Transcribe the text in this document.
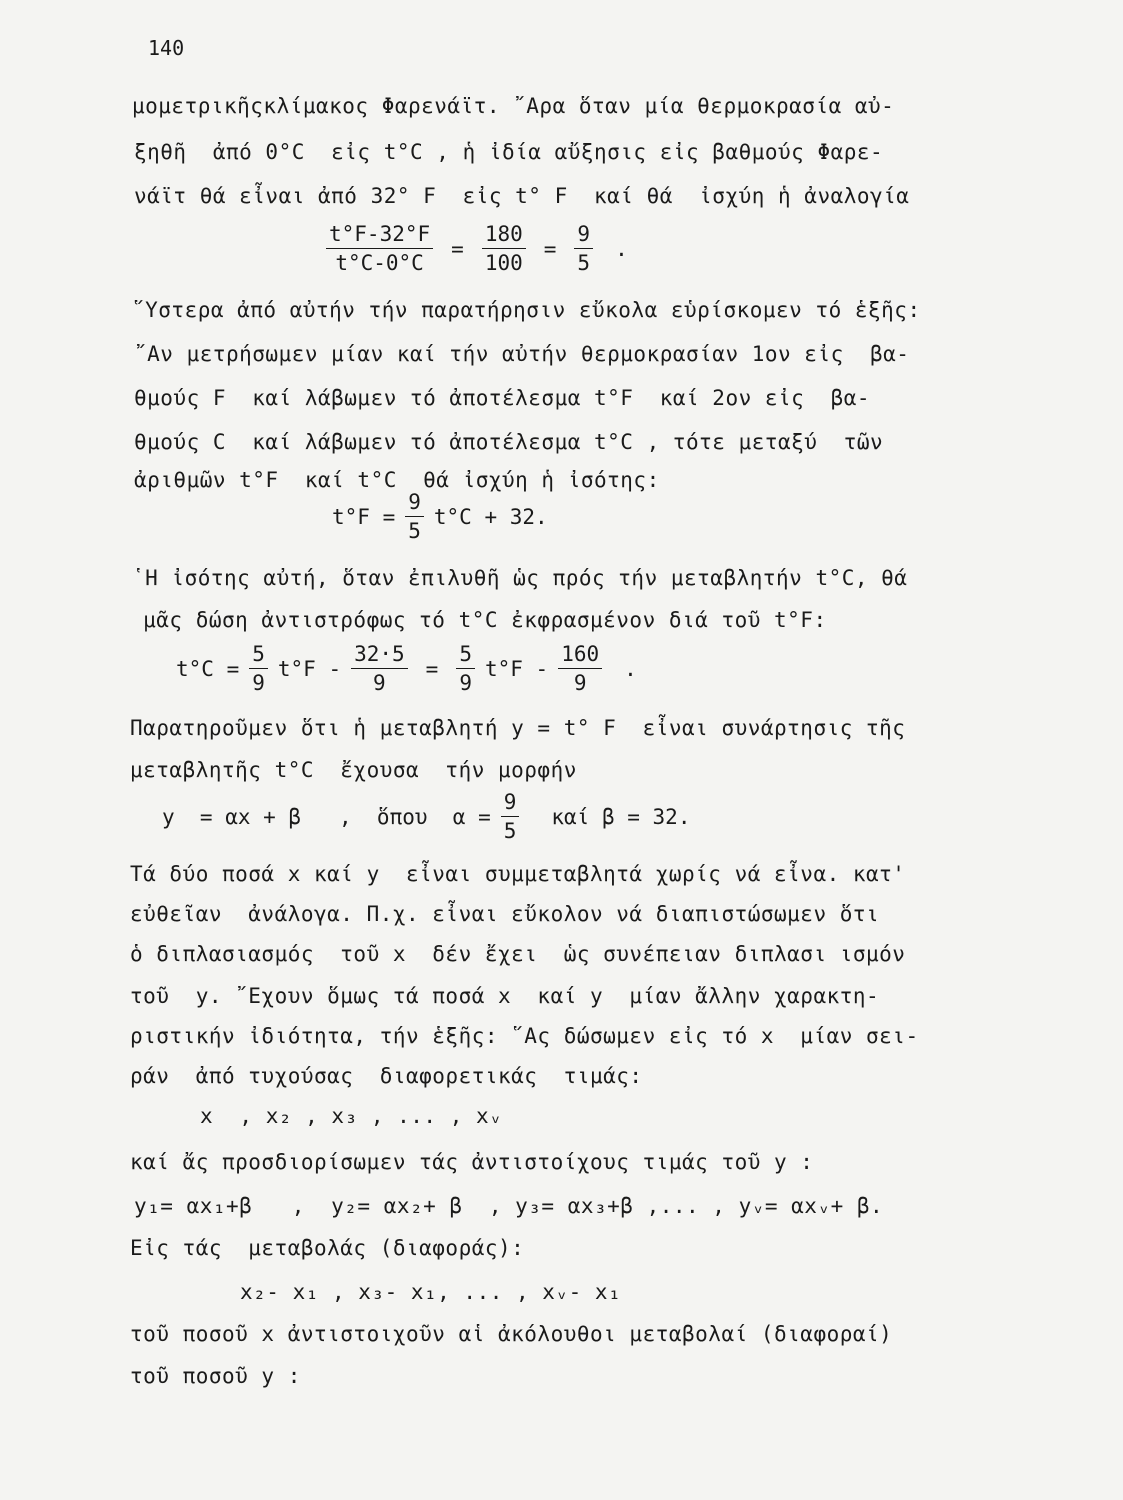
140
μομετρικῆςκλίμακος Φαρενάϊτ. ῎Αρα ὅταν μία θερμοκρασία αὐ-
ξηθῆ  ἀπό 0°C  εἰς t°C , ἡ ἰδία αὔξησις εἰς βαθμούς Φαρε-
νάϊτ θά εἶναι ἀπό 32° F  εἰς t° F  καί θά  ἰσχύη ἡ ἀναλογία
$\frac{t^\circ F-32^\circ F}{t^\circ C-0^\circ C} = \frac{180}{100} = \frac{9}{5}$ .
῞Υστερα ἀπό αὐτήν τήν παρατήρησιν εὔκολα εὑρίσκομεν τό ἑξῆς:
῎Αν μετρήσωμεν μίαν καί τήν αὐτήν θερμοκρασίαν 1ον εἰς  βα-
θμούς F  καί λάβωμεν τό ἀποτέλεσμα t°F  καί 2ον εἰς  βα-
θμούς C  καί λάβωμεν τό ἀποτέλεσμα t°C , τότε μεταξύ  τῶν
ἀριθμῶν t°F  καί t°C  θά ἰσχύη ἡ ἰσότης:
$t^\circ F = \frac{9}{5} t^\circ C + 32$.
῾Η ἰσότης αὐτή, ὅταν ἐπιλυθῆ ὡς πρός τήν μεταβλητήν t°C, θά
μᾶς δώση ἀντιστρόφως τό t°C ἐκφρασμένον διά τοῦ t°F:
$t^\circ C = \frac{5}{9} t^\circ F - \frac{32\cdot 5}{9} = \frac{5}{9} t^\circ F - \frac{160}{9}$ .
Παρατηροῦμεν ὅτι ἡ μεταβλητή y = t° F  εἶναι συνάρτησις τῆς
μεταβλητῆς t°C  ἔχουσα  τήν μορφήν
y  = αx + β   ,  ὅπου  $\alpha = \frac{9}{5}$ καί β = 32.
Τά δύο ποσά x καί y  εἶναι συμμεταβλητά χωρίς νά εἶνα. κατ'
εὐθεῖαν  ἀνάλογα. Π.χ. εἶναι εὔκολον νά διαπιστώσωμεν ὅτι
ὁ διπλασιασμός  τοῦ x  δέν ἔχει  ὡς συνέπειαν διπλασι ισμόν
τοῦ  y. ῎Εχουν ὅμως τά ποσά x  καί y  μίαν ἄλλην χαρακτη-
ριστικήν ἰδιότητα, τήν ἑξῆς: ῞Ας δώσωμεν εἰς τό x  μίαν σει-
ράν  ἀπό τυχούσας  διαφορετικάς  τιμάς:
x  , x₂ , x₃ , ... , xᵥ
καί ἄς προσδιορίσωμεν τάς ἀντιστοίχους τιμάς τοῦ y :
y₁= αx₁+β   ,  y₂= αx₂+ β  , y₃= αx₃+β ,... , yᵥ= αxᵥ+ β.
Εἰς τάς  μεταβολάς (διαφοράς):
x₂- x₁ , x₃- x₁, ... , xᵥ- x₁
τοῦ ποσοῦ x ἀντιστοιχοῦν αἱ ἀκόλουθοι μεταβολαί (διαφοραί)
τοῦ ποσοῦ y :
